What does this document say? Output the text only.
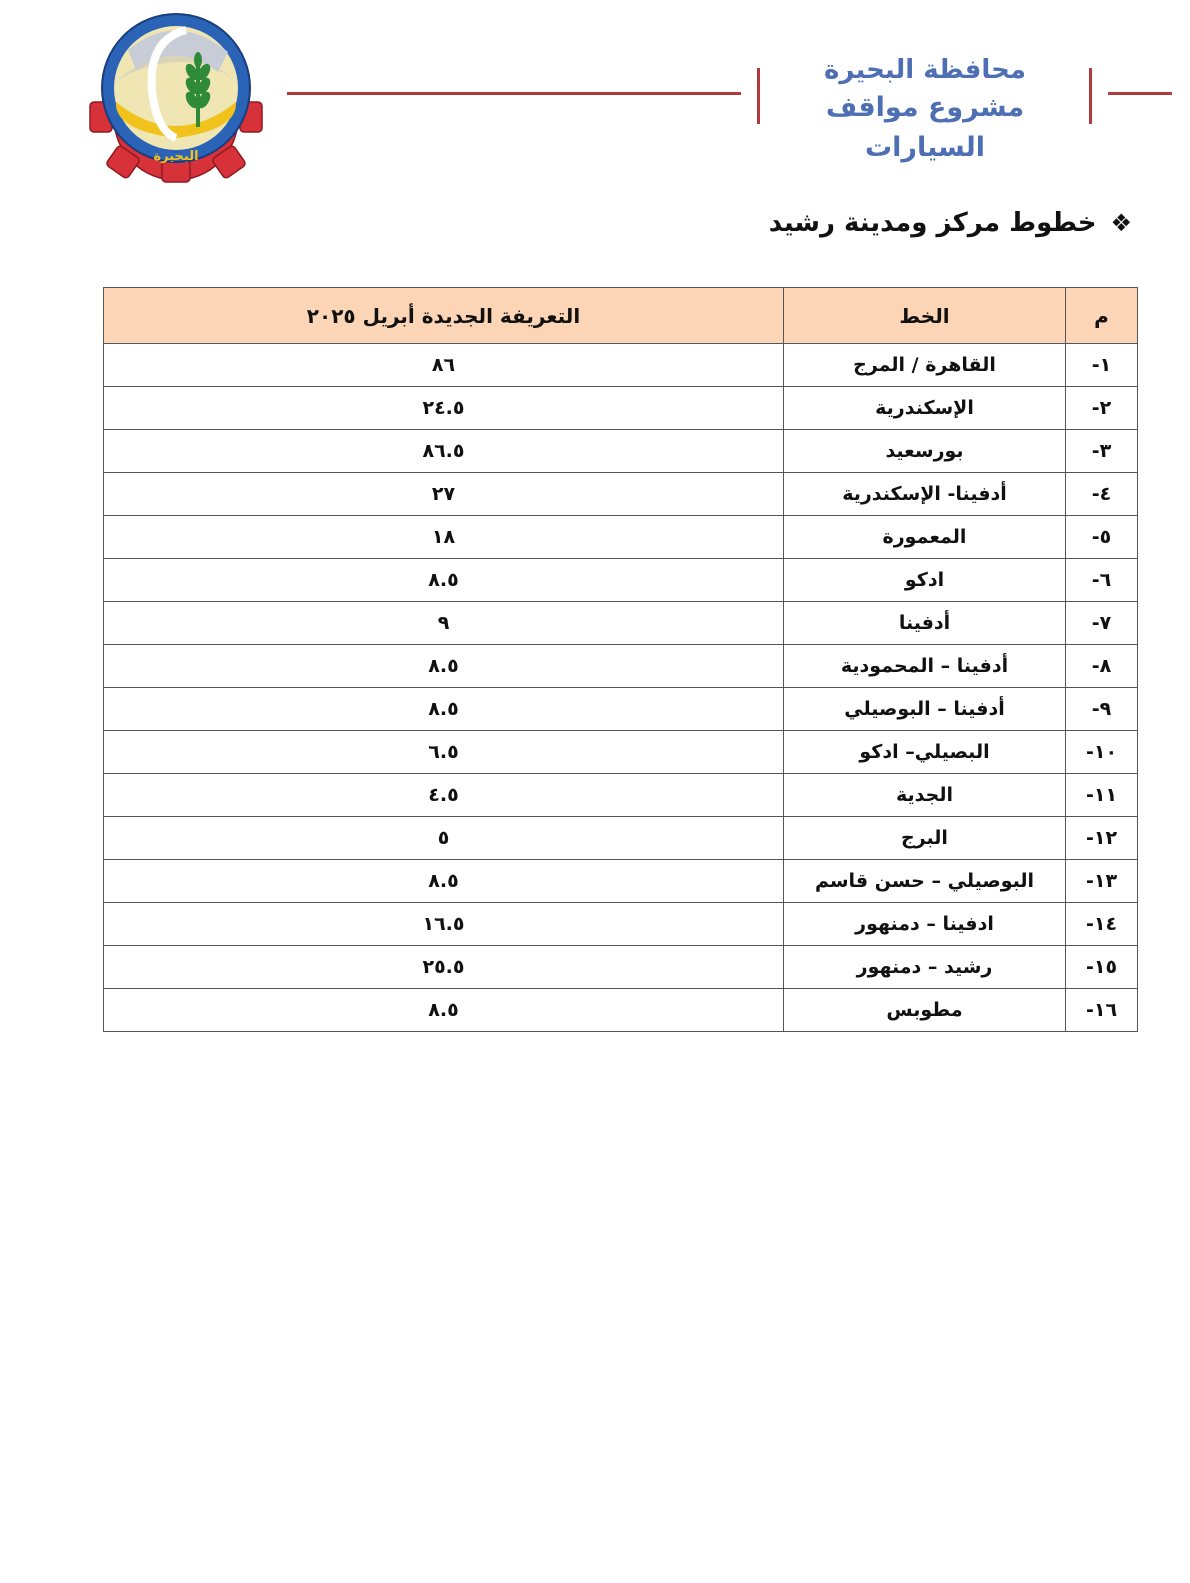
البحيرة
محافظة البحيرة
مشروع مواقف السيارات
❖
خطوط مركز ومدينة رشيد
م	الخط	التعريفة الجديدة أبريل ٢٠٢٥
١-	القاهرة / المرج	٨٦
٢-	الإسكندرية	٢٤.٥
٣-	بورسعيد	٨٦.٥
٤-	أدفينا- الإسكندرية	٢٧
٥-	المعمورة	١٨
٦-	ادكو	٨.٥
٧-	أدفينا	٩
٨-	أدفينا – المحمودية	٨.٥
٩-	أدفينا – البوصيلي	٨.٥
١٠-	البصيلي– ادكو	٦.٥
١١-	الجدية	٤.٥
١٢-	البرج	٥
١٣-	البوصيلي – حسن قاسم	٨.٥
١٤-	ادفينا – دمنهور	١٦.٥
١٥-	رشيد – دمنهور	٢٥.٥
١٦-	مطوبس	٨.٥
